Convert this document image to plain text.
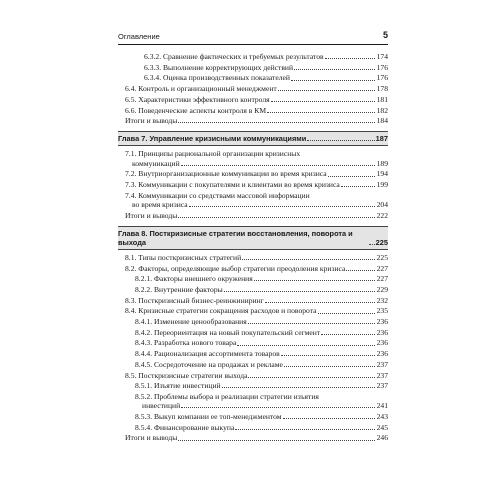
Оглавление	5
6.3.2. Сравнение фактических и требуемых результатов	174
6.3.3. Выполнение корректирующих действий	176
6.3.4. Оценка производственных показателей	176
6.4. Контроль и организационный менеджмент	178
6.5. Характеристики эффективного контроля	181
6.6. Поведенческие аспекты контроля в КМ	182
Итоги и выводы	184
Глава 7. Управление кризисными коммуникациями	187
7.1. Принципы рациональной организации кризисных
коммуникаций	189
7.2. Внутриорганизационные коммуникации во время кризиса	194
7.3. Коммуникации с покупателями и клиентами во время кризиса	199
7.4. Коммуникации со средствами массовой информации
во время кризиса	204
Итоги и выводы	222
Глава 8. Посткризисные стратегии восстановления, поворота и выхода	225
8.1. Типы посткризисных стратегий	225
8.2. Факторы, определяющие выбор стратегии преодоления кризиса	227
8.2.1. Факторы внешнего окружения	227
8.2.2. Внутренние факторы	229
8.3. Посткризисный бизнес-реинжиниринг	232
8.4. Кризисные стратегии сокращения расходов и поворота	235
8.4.1. Изменение ценообразования	236
8.4.2. Переориентация на новый покупательский сегмент	236
8.4.3. Разработка нового товара	236
8.4.4. Рационализация ассортимента товаров	236
8.4.5. Сосредоточение на продажах и рекламе	237
8.5. Посткризисные стратегии выхода	237
8.5.1. Изъятие инвестиций	237
8.5.2. Проблемы выбора и реализации стратегии изъятия
инвестиций	241
8.5.3. Выкуп компании ее топ-менеджментом	243
8.5.4. Финансирование выкупа	245
Итоги и выводы	246
